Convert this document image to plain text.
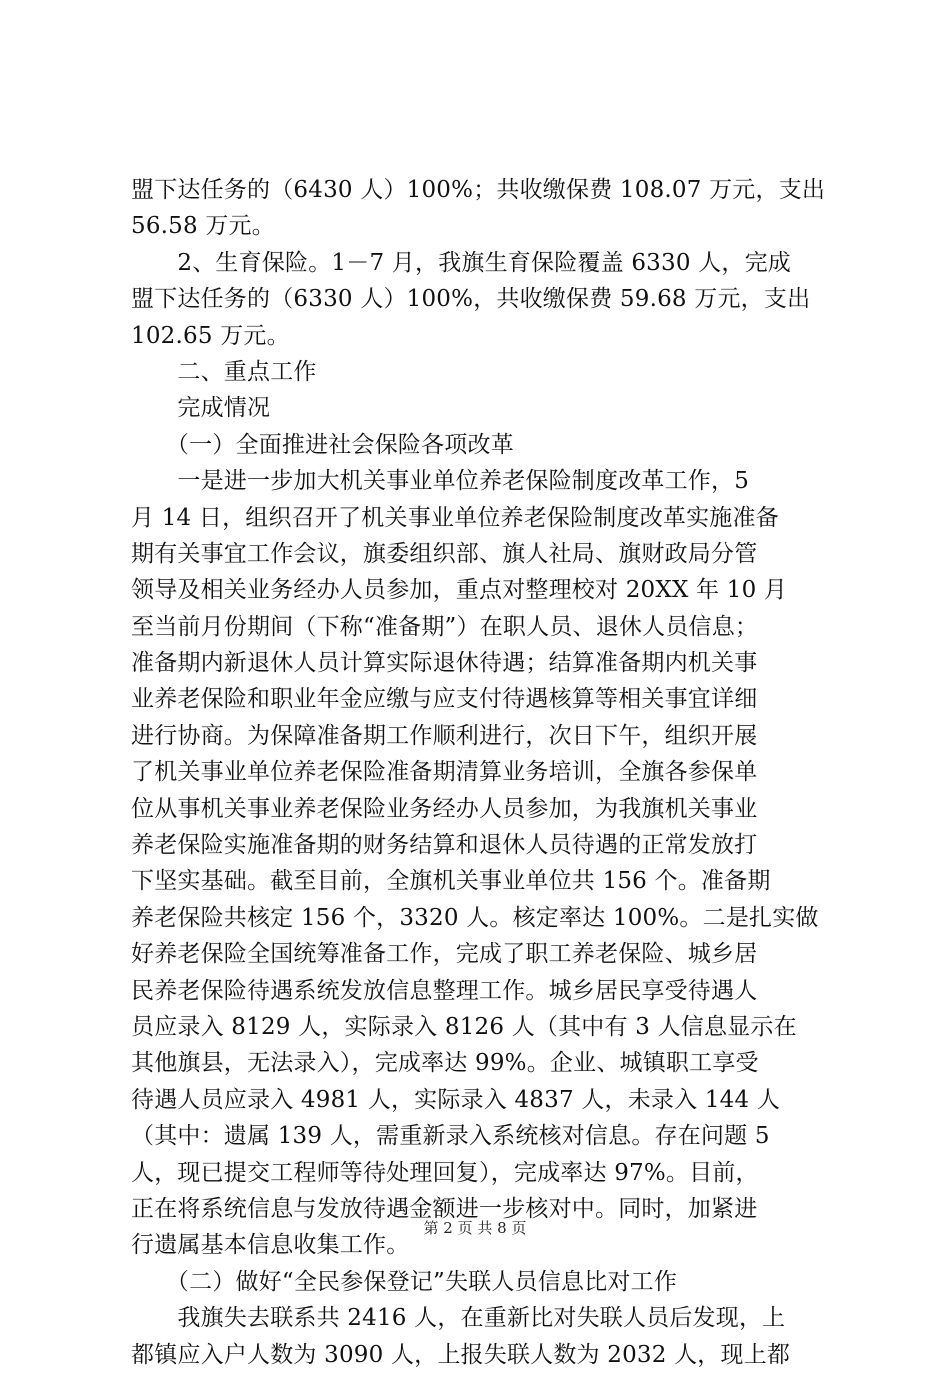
盟下达任务的（6430 人）100%；共收缴保费 108.07 万元，支出
56.58 万元。
　　2、生育保险。1－7 月，我旗生育保险覆盖 6330 人，完成
盟下达任务的（6330 人）100%，共收缴保费 59.68 万元，支出
102.65 万元。
　　二、重点工作
　　完成情况
　　（一）全面推进社会保险各项改革
　　一是进一步加大机关事业单位养老保险制度改革工作，5
月 14 日，组织召开了机关事业单位养老保险制度改革实施准备
期有关事宜工作会议，旗委组织部、旗人社局、旗财政局分管
领导及相关业务经办人员参加，重点对整理校对 20XX 年 10 月
至当前月份期间（下称“准备期”）在职人员、退休人员信息；
准备期内新退休人员计算实际退休待遇；结算准备期内机关事
业养老保险和职业年金应缴与应支付待遇核算等相关事宜详细
进行协商。为保障准备期工作顺利进行，次日下午，组织开展
了机关事业单位养老保险准备期清算业务培训，全旗各参保单
位从事机关事业养老保险业务经办人员参加，为我旗机关事业
养老保险实施准备期的财务结算和退休人员待遇的正常发放打
下坚实基础。截至目前，全旗机关事业单位共 156 个。准备期
养老保险共核定 156 个，3320 人。核定率达 100%。二是扎实做
好养老保险全国统筹准备工作，完成了职工养老保险、城乡居
民养老保险待遇系统发放信息整理工作。城乡居民享受待遇人
员应录入 8129 人，实际录入 8126 人（其中有 3 人信息显示在
其他旗县，无法录入），完成率达 99%。企业、城镇职工享受
待遇人员应录入 4981 人，实际录入 4837 人，未录入 144 人
（其中：遗属 139 人，需重新录入系统核对信息。存在问题 5
人，现已提交工程师等待处理回复），完成率达 97%。目前，
正在将系统信息与发放待遇金额进一步核对中。同时，加紧进
行遗属基本信息收集工作。
　　（二）做好“全民参保登记”失联人员信息比对工作
　　我旗失去联系共 2416 人，在重新比对失联人员后发现，上
都镇应入户人数为 3090 人，上报失联人数为 2032 人，现上都
第 2 页 共 8 页
